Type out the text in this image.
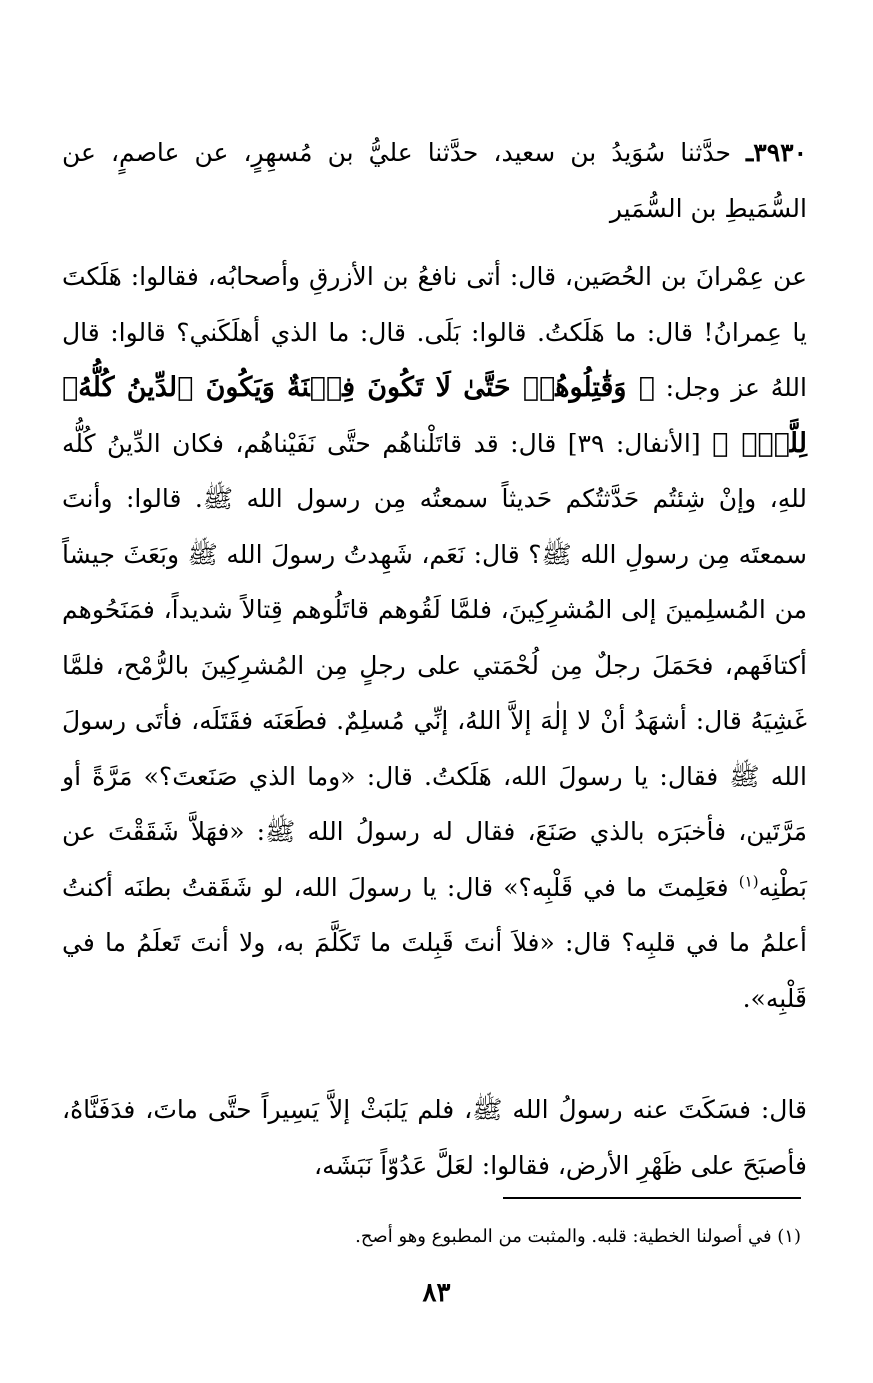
٣٩٣٠ـ حدَّثنا سُوَيدُ بن سعيد، حدَّثنا عليُّ بن مُسهِرٍ، عن عاصمٍ، عن السُّمَيطِ بن السُّمَير

عن عِمْرانَ بن الحُصَين، قال: أتى نافعُ بن الأزرقِ وأصحابُه، فقالوا: هَلَكتَ يا عِمرانُ! قال: ما هَلَكتُ. قالوا: بَلَى. قال: ما الذي أهلَكَني؟ قالوا: قال اللهُ عز وجل: ﴿ وَقَٰتِلُوهُمۡ حَتَّىٰ لَا تَكُونَ فِتۡنَةٌ وَيَكُونَ ٱلدِّينُ كُلُّهُۥ لِلَّهِۚ ﴾ [الأنفال: ٣٩] قال: قد قاتَلْناهُم حتَّى نَفَيْناهُم، فكان الدِّينُ كُلُّه للهِ، وإنْ شِئتُم حَدَّثتُكم حَديثاً سمعتُه مِن رسول الله ﷺ. قالوا: وأنتَ سمعتَه مِن رسولِ الله ﷺ؟ قال: نَعَم، شَهِدتُ رسولَ الله ﷺ وبَعَثَ جيشاً من المُسلِمينَ إلى المُشرِكِينَ، فلمَّا لَقُوهم قاتَلُوهم قِتالاً شديداً، فمَنَحُوهم أكتافَهم، فحَمَلَ رجلٌ مِن لُحْمَتي على رجلٍ مِن المُشرِكِينَ بالرُّمْح، فلمَّا غَشِيَهُ قال: أشهَدُ أنْ لا إلٰهَ إلاَّ اللهُ، إنِّي مُسلِمٌ. فطَعَنَه فقَتَلَه، فأتَى رسولَ الله ﷺ فقال: يا رسولَ الله، هَلَكتُ. قال: «وما الذي صَنَعتَ؟» مَرَّةً أو مَرَّتَين، فأخبَرَه بالذي صَنَعَ، فقال له رسولُ الله ﷺ: «فهَلاَّ شَقَقْتَ عن بَطْنِه$^{(١)}$ فعَلِمتَ ما في قَلْبِه؟» قال: يا رسولَ الله، لو شَقَقتُ بطنَه أكنتُ أعلمُ ما في قلبِه؟ قال: «فلاَ أنتَ قَبِلتَ ما تَكَلَّمَ به، ولا أنتَ تَعلَمُ ما في قَلْبِه».

قال: فسَكَتَ عنه رسولُ الله ﷺ، فلم يَلبَثْ إلاَّ يَسِيراً حتَّى ماتَ، فدَفَنَّاهُ، فأصبَحَ على ظَهْرِ الأرض، فقالوا: لعَلَّ عَدُوّاً نَبَشَه،

(١) في أصولنا الخطية: قلبه. والمثبت من المطبوع وهو أصح.
٨٣
